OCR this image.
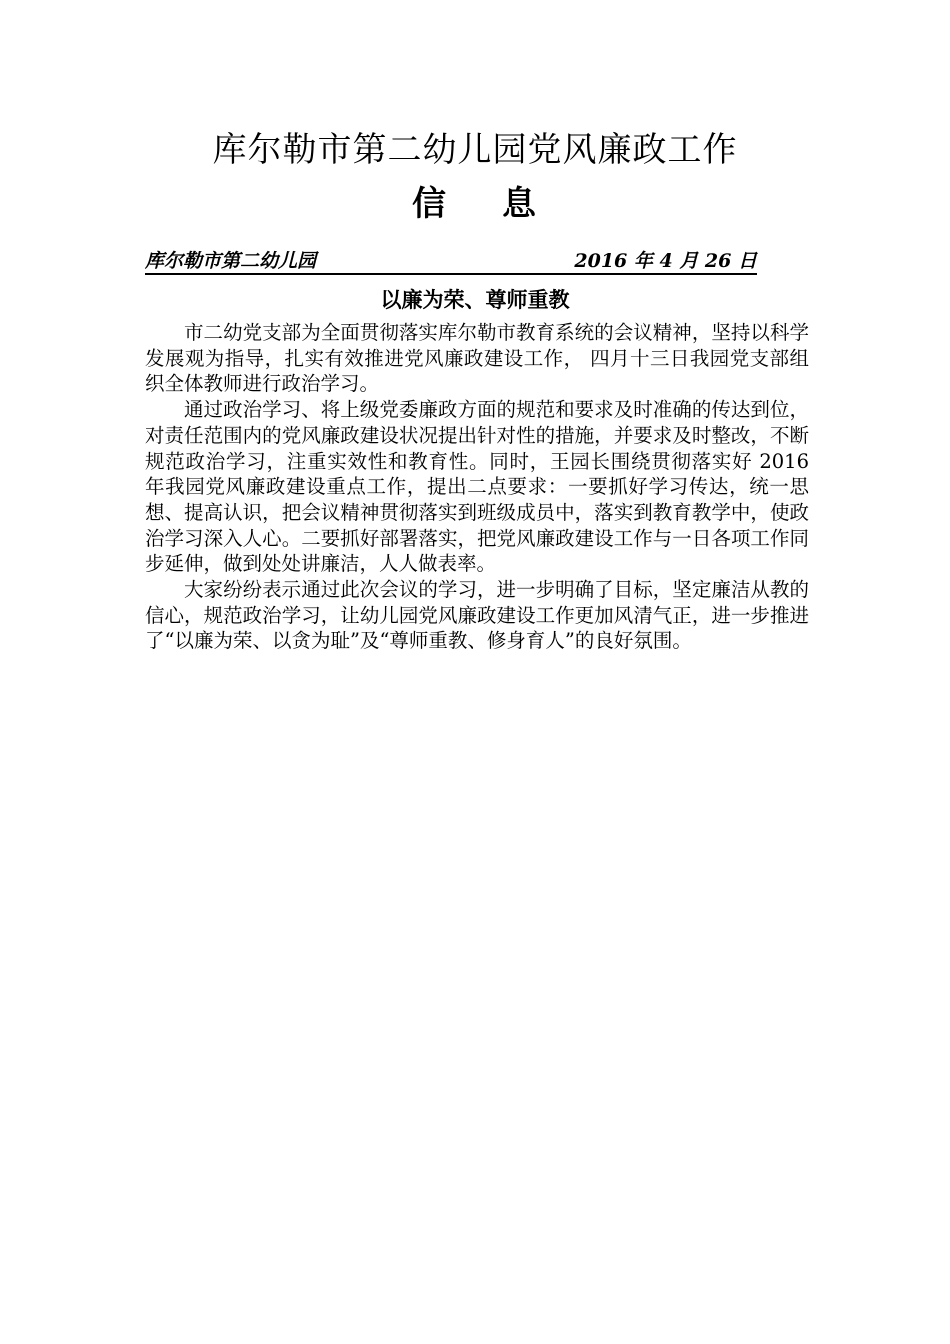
库尔勒市第二幼儿园党风廉政工作
信 息
库尔勒市第二幼儿园	2016 年 4 月 26 日
以廉为荣、尊师重教

市二幼党支部为全面贯彻落实库尔勒市教育系统的会议精神，坚持以科学发展观为指导，扎实有效推进党风廉政建设工作， 四月十三日我园党支部组织全体教师进行政治学习。

通过政治学习、将上级党委廉政方面的规范和要求及时准确的传达到位，对责任范围内的党风廉政建设状况提出针对性的措施，并要求及时整改，不断规范政治学习，注重实效性和教育性。同时，王园长围绕贯彻落实好 2016 年我园党风廉政建设重点工作，提出二点要求：一要抓好学习传达，统一思想、提高认识，把会议精神贯彻落实到班级成员中，落实到教育教学中，使政治学习深入人心。二要抓好部署落实，把党风廉政建设工作与一日各项工作同步延伸，做到处处讲廉洁，人人做表率。

大家纷纷表示通过此次会议的学习，进一步明确了目标，坚定廉洁从教的信心，规范政治学习，让幼儿园党风廉政建设工作更加风清气正，进一步推进了“以廉为荣、以贪为耻”及“尊师重教、修身育人”的良好氛围。
